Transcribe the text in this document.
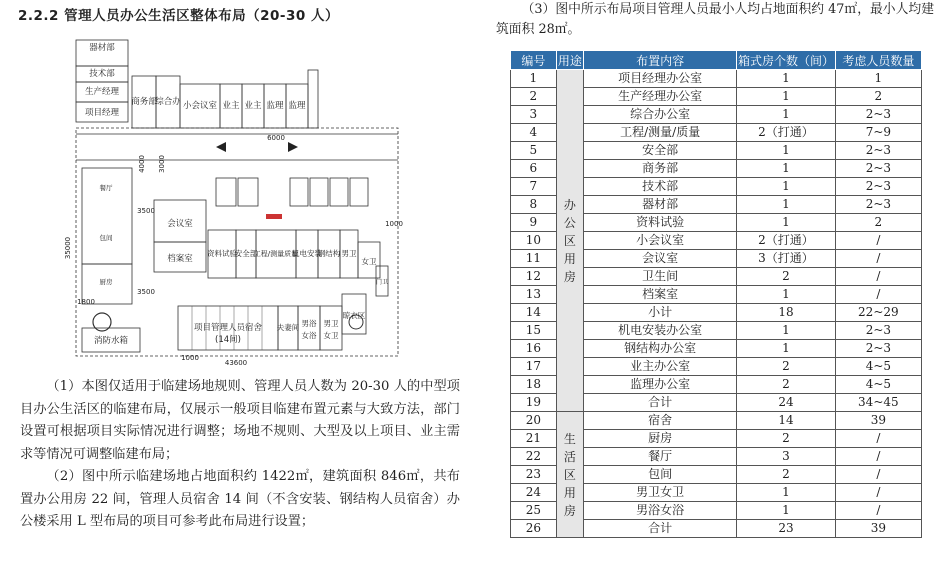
2.2.2 管理人员办公生活区整体布局（20-30 人）
器材部
技术部
生产经理
项目经理
商务部
综合办 小会议室 业主 业主 监理 监理
会议室
档案室
资料试验
安全部
工程/测量质量
机电安装
钢结构 男卫
女卫
项目管理人员宿舍
(14间)
夫妻间 男浴
女浴
男卫
女卫
晾衣区
消防水箱
餐厅
厨房
包间
门卫
43600
35000
6000
3500
3500
4000 3000
1000
1000
1800
（1）本图仅适用于临建场地规则、管理人员人数为 20-30 人的中型项目办公生活区的临建布局，仅展示一般项目临建布置元素与大致方法，部门设置可根据项目实际情况进行调整；场地不规则、大型及以上项目、业主需求等情况可调整临建布局；
（2）图中所示临建场地占地面积约 1422㎡，建筑面积 846㎡，共布置办公用房 22 间，管理人员宿舍 14 间（不含安装、钢结构人员宿舍）办公楼采用 L 型布局的项目可参考此布局进行设置；
（3）图中所示布局项目管理人员最小人均占地面积约 47㎡，最小人均建筑面积 28㎡。
编号	用途	布置内容	箱式房个数（间）	考虑人员数量
1	办公区用房	项目经理办公室	1	1
2		生产经理办公室	1	2
3		综合办公室	1	2~3
4		工程/测量/质量	2（打通）	7~9
5		安全部	1	2~3
6		商务部	1	2~3
7		技术部	1	2~3
8		器材部	1	2~3
9		资料试验	1	2
10		小会议室	2（打通）	/
11		会议室	3（打通）	/
12		卫生间	2	/
13		档案室	1	/
14		小计	18	22~29
15		机电安装办公室	1	2~3
16		钢结构办公室	1	2~3
17		业主办公室	2	4~5
18		监理办公室	2	4~5
19		合计	24	34~45
20	生活区用房	宿舍	14	39
21		厨房	2	/
22		餐厅	3	/
23		包间	2	/
24		男卫女卫	1	/
25		男浴女浴	1	/
26		合计	23	39
